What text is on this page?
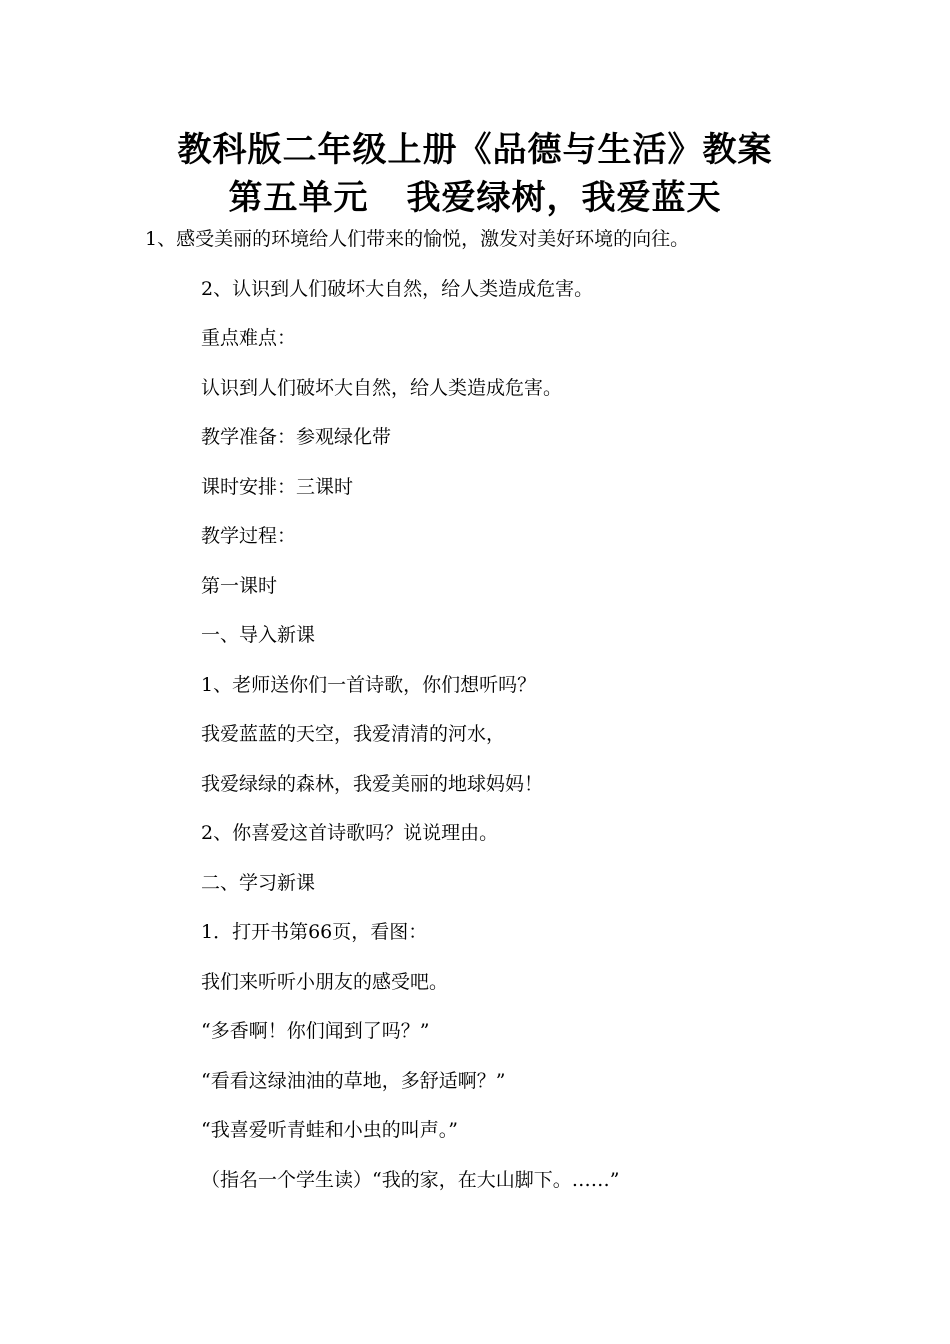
教科版二年级上册《品德与生活》教案
第五单元 我爱绿树，我爱蓝天
1、感受美丽的环境给人们带来的愉悦，激发对美好环境的向往。
2、认识到人们破坏大自然，给人类造成危害。
重点难点：
认识到人们破坏大自然，给人类造成危害。
教学准备：参观绿化带
课时安排：三课时
教学过程：
第一课时
一、导入新课
1、老师送你们一首诗歌，你们想听吗？
我爱蓝蓝的天空，我爱清清的河水，
我爱绿绿的森林，我爱美丽的地球妈妈！
2、你喜爱这首诗歌吗？说说理由。
二、学习新课
1．打开书第66页，看图：
我们来听听小朋友的感受吧。
“多香啊！你们闻到了吗？”
“看看这绿油油的草地，多舒适啊？”
“我喜爱听青蛙和小虫的叫声。”
（指名一个学生读）“我的家，在大山脚下。……”
